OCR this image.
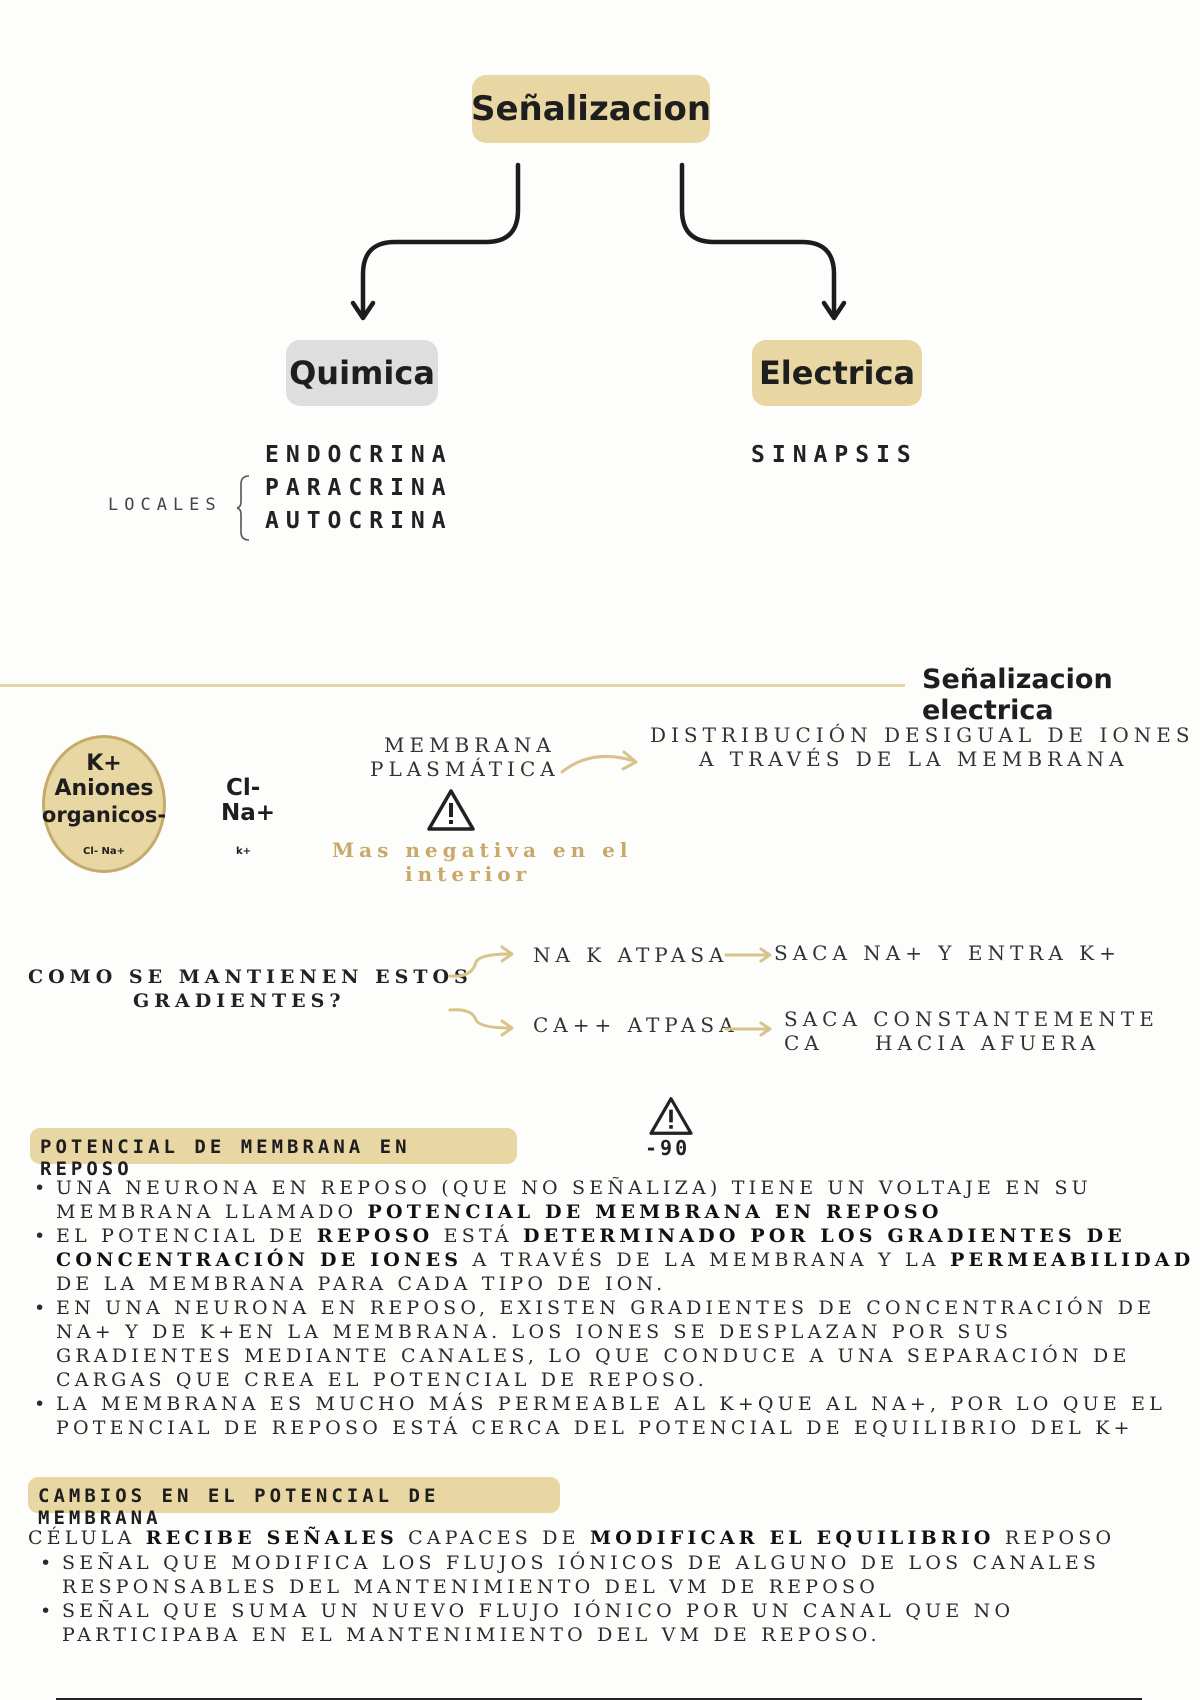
Señalizacion
Quimica	Electrica
ENDOCRINA
PARACRINA
AUTOCRINA
LOCALES
SINAPSIS
Señalizacion electrica
K+
Aniones
organicos-
Cl- Na+
Cl-
Na+
k+
MEMBRANA
PLASMÁTICA
Mas negativa en el
interior
DISTRIBUCIÓN DESIGUAL DE IONES
A TRAVÉS DE LA MEMBRANA
COMO SE MANTIENEN ESTOS
GRADIENTES?
NA K ATPASA SACA NA+ Y ENTRA K+
CA++ ATPASA SACA CONSTANTEMENTE CA	HACIA AFUERA
POTENCIAL DE MEMBRANA EN REPOSO
-90
• UNA NEURONA EN REPOSO (QUE NO SEÑALIZA) TIENE UN VOLTAJE EN SU MEMBRANA LLAMADO POTENCIAL DE MEMBRANA EN REPOSO
• EL POTENCIAL DE REPOSO ESTÁ DETERMINADO POR LOS GRADIENTES DE CONCENTRACIÓN DE IONES A TRAVÉS DE LA MEMBRANA Y LA PERMEABILIDAD DE LA MEMBRANA PARA CADA TIPO DE ION.
• EN UNA NEURONA EN REPOSO, EXISTEN GRADIENTES DE CONCENTRACIÓN DE NA+ Y DE K+EN LA MEMBRANA. LOS IONES SE DESPLAZAN POR SUS GRADIENTES MEDIANTE CANALES, LO QUE CONDUCE A UNA SEPARACIÓN DE CARGAS QUE CREA EL POTENCIAL DE REPOSO.
• LA MEMBRANA ES MUCHO MÁS PERMEABLE AL K+QUE AL NA+, POR LO QUE EL POTENCIAL DE REPOSO ESTÁ CERCA DEL POTENCIAL DE EQUILIBRIO DEL K+
CAMBIOS EN EL POTENCIAL DE MEMBRANA
CÉLULA RECIBE SEÑALES CAPACES DE MODIFICAR EL EQUILIBRIO REPOSO
• SEÑAL QUE MODIFICA LOS FLUJOS IÓNICOS DE ALGUNO DE LOS CANALES RESPONSABLES DEL MANTENIMIENTO DEL VM DE REPOSO
• SEÑAL QUE SUMA UN NUEVO FLUJO IÓNICO POR UN CANAL QUE NO PARTICIPABA EN EL MANTENIMIENTO DEL VM DE REPOSO.
